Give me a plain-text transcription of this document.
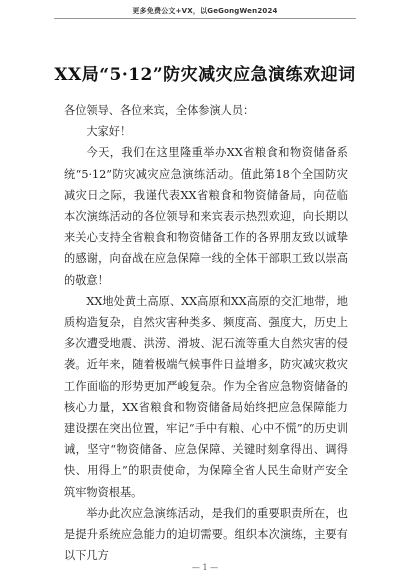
更多免费公文+VX，以GeGongWen2024
XX局“5·12”防灾减灾应急演练欢迎词

各位领导、各位来宾，全体参演人员：

大家好！

今天，我们在这里隆重举办XX省粮食和物资储备系统“5·12”防灾减灾应急演练活动。值此第18个全国防灾减灾日之际，我谨代表XX省粮食和物资储备局，向莅临本次演练活动的各位领导和来宾表示热烈欢迎，向长期以来关心支持全省粮食和物资储备工作的各界朋友致以诚挚的感谢，向奋战在应急保障一线的全体干部职工致以崇高的敬意！

XX地处黄土高原、XX高原和XX高原的交汇地带，地质构造复杂，自然灾害种类多、频度高、强度大，历史上多次遭受地震、洪涝、滑坡、泥石流等重大自然灾害的侵袭。近年来，随着极端气候事件日益增多，防灾减灾救灾工作面临的形势更加严峻复杂。作为全省应急物资储备的核心力量，XX省粮食和物资储备局始终把应急保障能力建设摆在突出位置，牢记“手中有粮、心中不慌”的历史训诫，坚守“物资储备、应急保障、关键时刻拿得出、调得快、用得上”的职责使命，为保障全省人民生命财产安全筑牢物资根基。

举办此次应急演练活动，是我们的重要职责所在，也是提升系统应急能力的迫切需要。组织本次演练，主要有以下几方

— 1 —
